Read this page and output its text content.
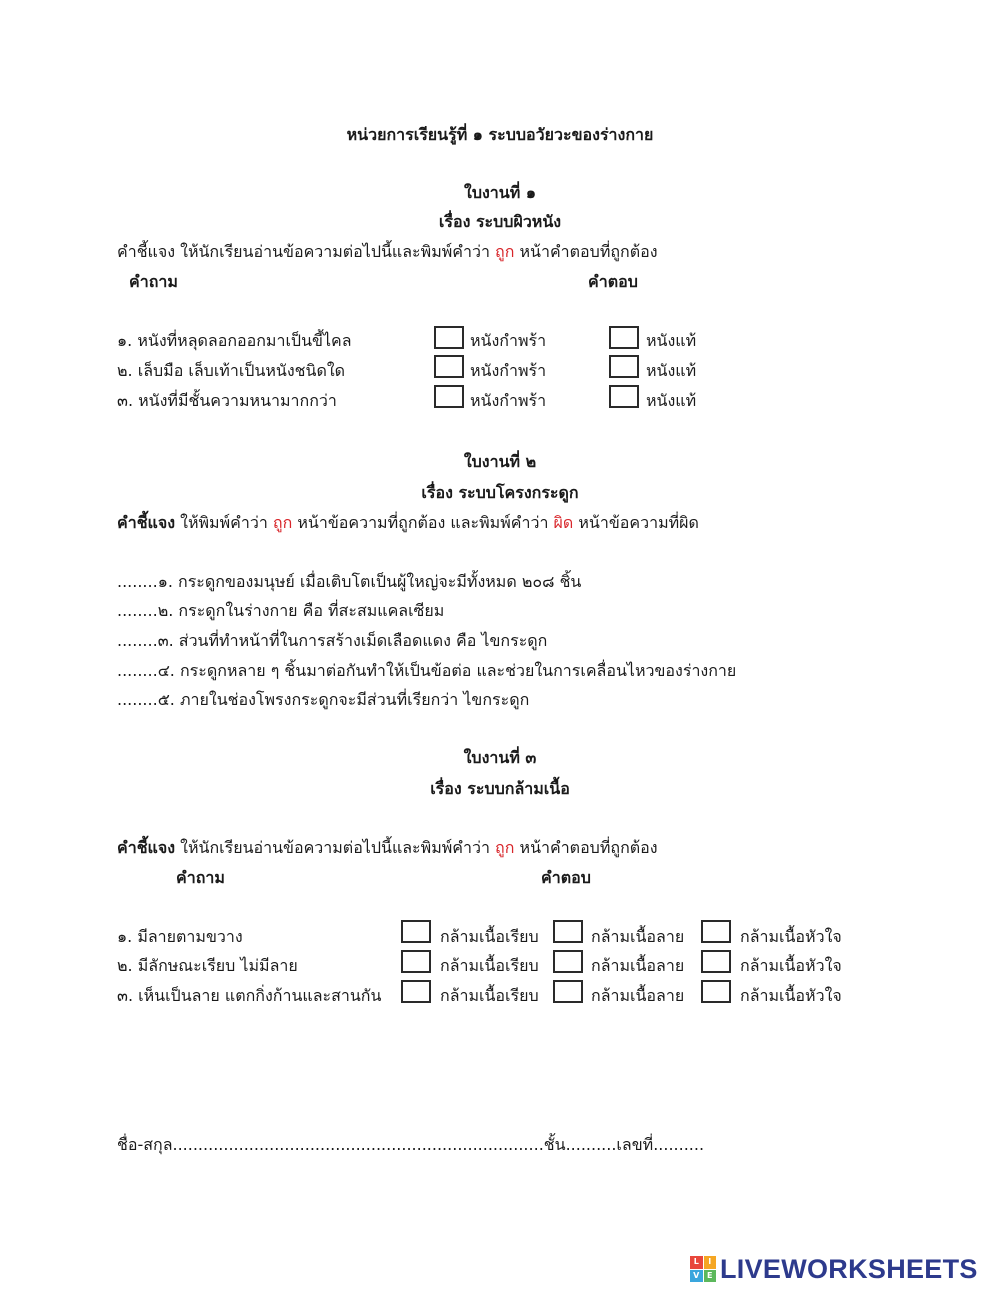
หน่วยการเรียนรู้ที่ ๑ ระบบอวัยวะของร่างกาย
ใบงานที่ ๑
เรื่อง ระบบผิวหนัง
คำชี้แจง ให้นักเรียนอ่านข้อความต่อไปนี้และพิมพ์คำว่า ถูก หน้าคำตอบที่ถูกต้อง
คำถาม	คำตอบ
๑. หนังที่หลุดลอกออกมาเป็นขี้ไคล	หนังกำพร้า	หนังแท้
๒. เล็บมือ เล็บเท้าเป็นหนังชนิดใด	หนังกำพร้า	หนังแท้
๓. หนังที่มีชั้นความหนามากกว่า	หนังกำพร้า	หนังแท้
ใบงานที่ ๒
เรื่อง ระบบโครงกระดูก
คำชี้แจง ให้พิมพ์คำว่า ถูก หน้าข้อความที่ถูกต้อง และพิมพ์คำว่า ผิด หน้าข้อความที่ผิด
........๑. กระดูกของมนุษย์ เมื่อเติบโตเป็นผู้ใหญ่จะมีทั้งหมด ๒๐๘ ชิ้น
........๒. กระดูกในร่างกาย คือ ที่สะสมแคลเซียม
........๓. ส่วนที่ทำหน้าที่ในการสร้างเม็ดเลือดแดง คือ ไขกระดูก
........๔. กระดูกหลาย ๆ ชิ้นมาต่อกันทำให้เป็นข้อต่อ และช่วยในการเคลื่อนไหวของร่างกาย
........๕. ภายในช่องโพรงกระดูกจะมีส่วนที่เรียกว่า ไขกระดูก
ใบงานที่ ๓
เรื่อง ระบบกล้ามเนื้อ
คำชี้แจง ให้นักเรียนอ่านข้อความต่อไปนี้และพิมพ์คำว่า ถูก หน้าคำตอบที่ถูกต้อง
คำถาม	คำตอบ
๑. มีลายตามขวาง	กล้ามเนื้อเรียบ	กล้ามเนื้อลาย	กล้ามเนื้อหัวใจ
๒. มีลักษณะเรียบ ไม่มีลาย	กล้ามเนื้อเรียบ	กล้ามเนื้อลาย	กล้ามเนื้อหัวใจ
๓. เห็นเป็นลาย แตกกิ่งก้านและสานกัน	กล้ามเนื้อเรียบ	กล้ามเนื้อลาย	กล้ามเนื้อหัวใจ
ชื่อ-สกุล.........................................................................ชั้น..........เลขที่..........
L	I
V E LIVEWORKSHEETS
